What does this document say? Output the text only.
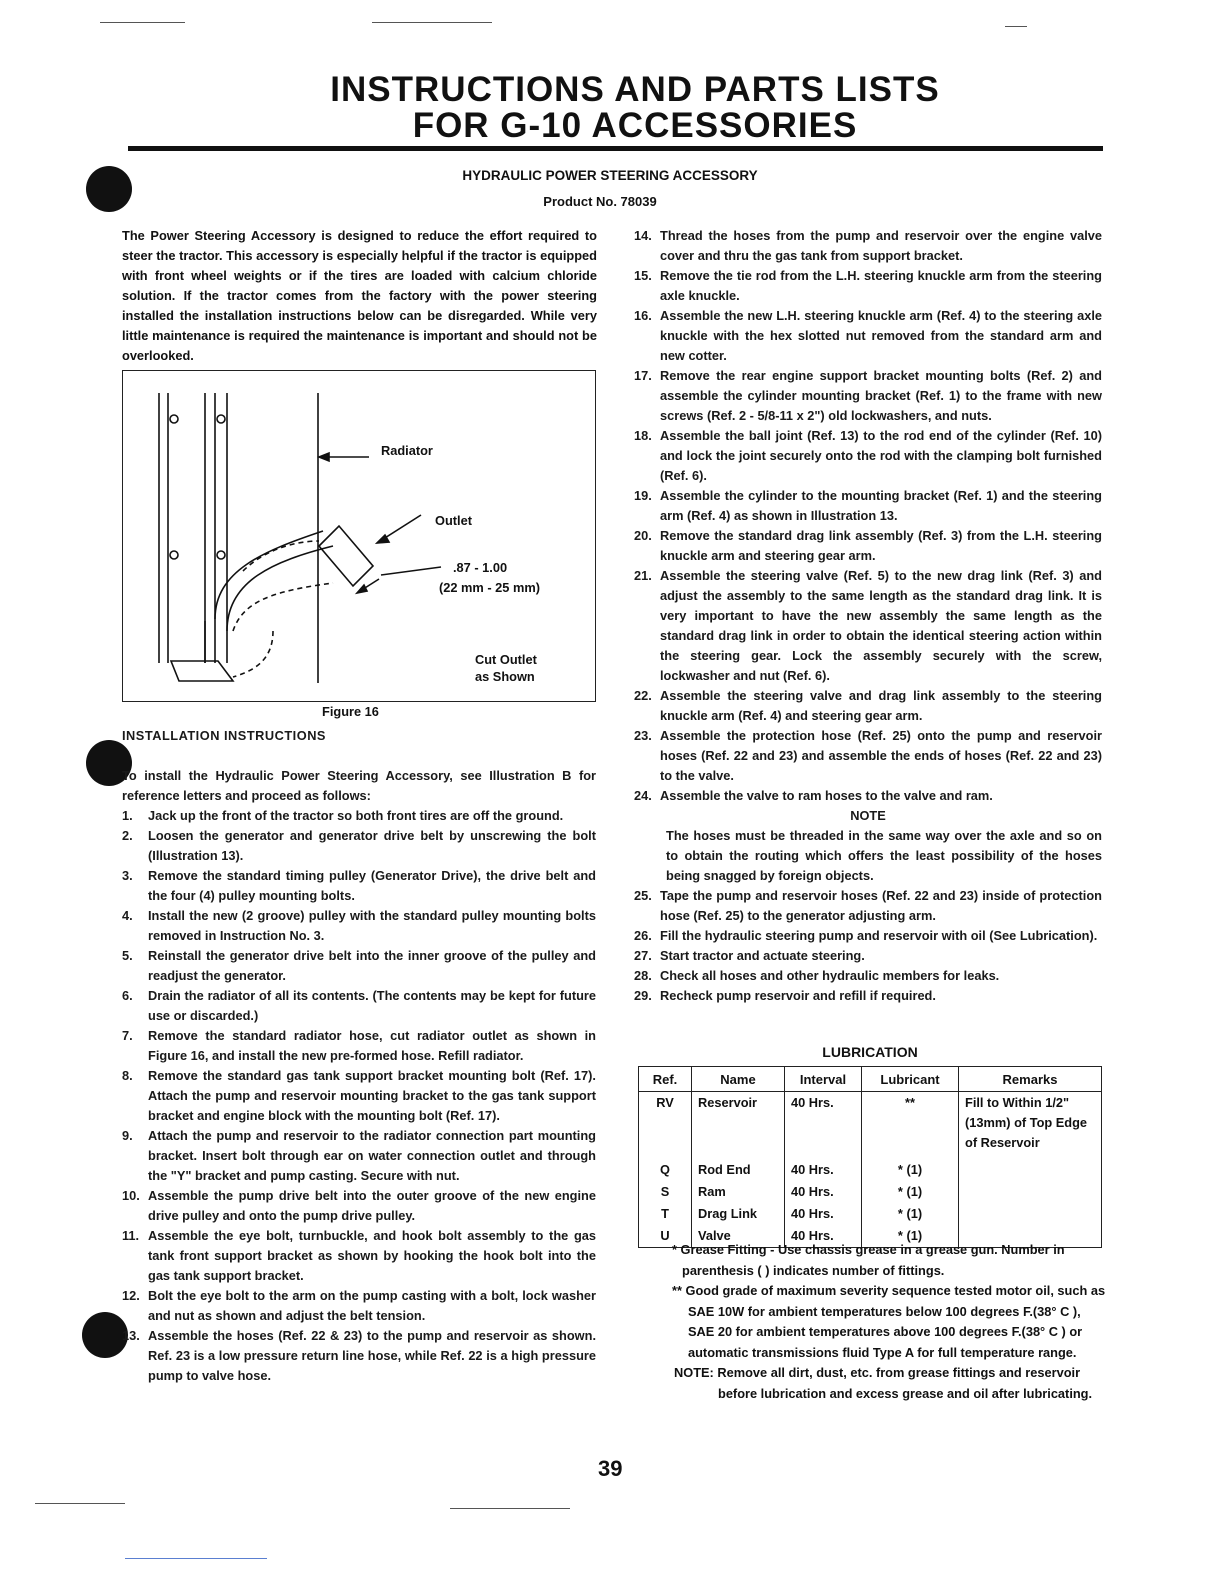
INSTRUCTIONS AND PARTS LISTS
FOR G-10 ACCESSORIES
HYDRAULIC POWER STEERING ACCESSORY
Product No. 78039
The Power Steering Accessory is designed to reduce the effort required to steer the tractor. This accessory is especially helpful if the tractor is equipped with front wheel weights or if the tires are loaded with calcium chloride solution. If the tractor comes from the factory with the power steering installed the installation instructions below can be disregarded. While very little maintenance is required the maintenance is important and should not be overlooked.
Radiator
Outlet
.87 - 1.00
(22 mm - 25 mm)
Cut Outlet
as Shown
Figure 16

INSTALLATION INSTRUCTIONS

To install the Hydraulic Power Steering Accessory, see Illustration B for reference letters and proceed as follows:

1. Jack up the front of the tractor so both front tires are off the ground.
2. Loosen the generator and generator drive belt by unscrewing the bolt (Illustration 13).
3. Remove the standard timing pulley (Generator Drive), the drive belt and the four (4) pulley mounting bolts.
4. Install the new (2 groove) pulley with the standard pulley mounting bolts removed in Instruction No. 3.
5. Reinstall the generator drive belt into the inner groove of the pulley and readjust the generator.
6. Drain the radiator of all its contents. (The contents may be kept for future use or discarded.)
7. Remove the standard radiator hose, cut radiator outlet as shown in Figure 16, and install the new pre-formed hose. Refill radiator.
8. Remove the standard gas tank support bracket mounting bolt (Ref. 17). Attach the pump and reservoir mounting bracket to the gas tank support bracket and engine block with the mounting bolt (Ref. 17).
9. Attach the pump and reservoir to the radiator connection part mounting bracket. Insert bolt through ear on water connection outlet and through the "Y" bracket and pump casting. Secure with nut.
10. Assemble the pump drive belt into the outer groove of the new engine drive pulley and onto the pump drive pulley.
11. Assemble the eye bolt, turnbuckle, and hook bolt assembly to the gas tank front support bracket as shown by hooking the hook bolt into the gas tank support bracket.
12. Bolt the eye bolt to the arm on the pump casting with a bolt, lock washer and nut as shown and adjust the belt tension.
13. Assemble the hoses (Ref. 22 & 23) to the pump and reservoir as shown. Ref. 23 is a low pressure return line hose, while Ref. 22 is a high pressure pump to valve hose.
14. Thread the hoses from the pump and reservoir over the engine valve cover and thru the gas tank from support bracket.
15. Remove the tie rod from the L.H. steering knuckle arm from the steering axle knuckle.
16. Assemble the new L.H. steering knuckle arm (Ref. 4) to the steering axle knuckle with the hex slotted nut removed from the standard arm and new cotter.
17. Remove the rear engine support bracket mounting bolts (Ref. 2) and assemble the cylinder mounting bracket (Ref. 1) to the frame with new screws (Ref. 2 - 5/8-11 x 2") old lockwashers, and nuts.
18. Assemble the ball joint (Ref. 13) to the rod end of the cylinder (Ref. 10) and lock the joint securely onto the rod with the clamping bolt furnished (Ref. 6).
19. Assemble the cylinder to the mounting bracket (Ref. 1) and the steering arm (Ref. 4) as shown in Illustration 13.
20. Remove the standard drag link assembly (Ref. 3) from the L.H. steering knuckle arm and steering gear arm.
21. Assemble the steering valve (Ref. 5) to the new drag link (Ref. 3) and adjust the assembly to the same length as the standard drag link. It is very important to have the new assembly the same length as the standard drag link in order to obtain the identical steering action within the steering gear. Lock the assembly securely with the screw, lockwasher and nut (Ref. 6).
22. Assemble the steering valve and drag link assembly to the steering knuckle arm (Ref. 4) and steering gear arm.
23. Assemble the protection hose (Ref. 25) onto the pump and reservoir hoses (Ref. 22 and 23) and assemble the ends of hoses (Ref. 22 and 23) to the valve.
24. Assemble the valve to ram hoses to the valve and ram.
NOTE
The hoses must be threaded in the same way over the axle and so on to obtain the routing which offers the least possibility of the hoses being snagged by foreign objects.
25. Tape the pump and reservoir hoses (Ref. 22 and 23) inside of protection hose (Ref. 25) to the generator adjusting arm.
26. Fill the hydraulic steering pump and reservoir with oil (See Lubrication).
27. Start tractor and actuate steering.
28. Check all hoses and other hydraulic members for leaks.
29. Recheck pump reservoir and refill if required.
LUBRICATION
Ref.	Name	Interval	Lubricant	Remarks
RV	Reservoir	40 Hrs.	**	Fill to Within 1/2"(13mm) of Top Edge of Reservoir
Q	Rod End	40 Hrs.	* (1)	
S	Ram	40 Hrs.	* (1)	
T	Drag Link	40 Hrs.	* (1)	
U	Valve	40 Hrs.	* (1)	

* Grease Fitting - Use chassis grease in a grease gun. Number in parenthesis ( ) indicates number of fittings.

** Good grade of maximum severity sequence tested motor oil, such as SAE 10W for ambient temperatures below 100 degrees F.(38° C ), SAE 20 for ambient temperatures above 100 degrees F.(38° C ) or automatic transmissions fluid Type A for full temperature range.

NOTE: Remove all dirt, dust, etc. from grease fittings and reservoir before lubrication and excess grease and oil after lubricating.

39
